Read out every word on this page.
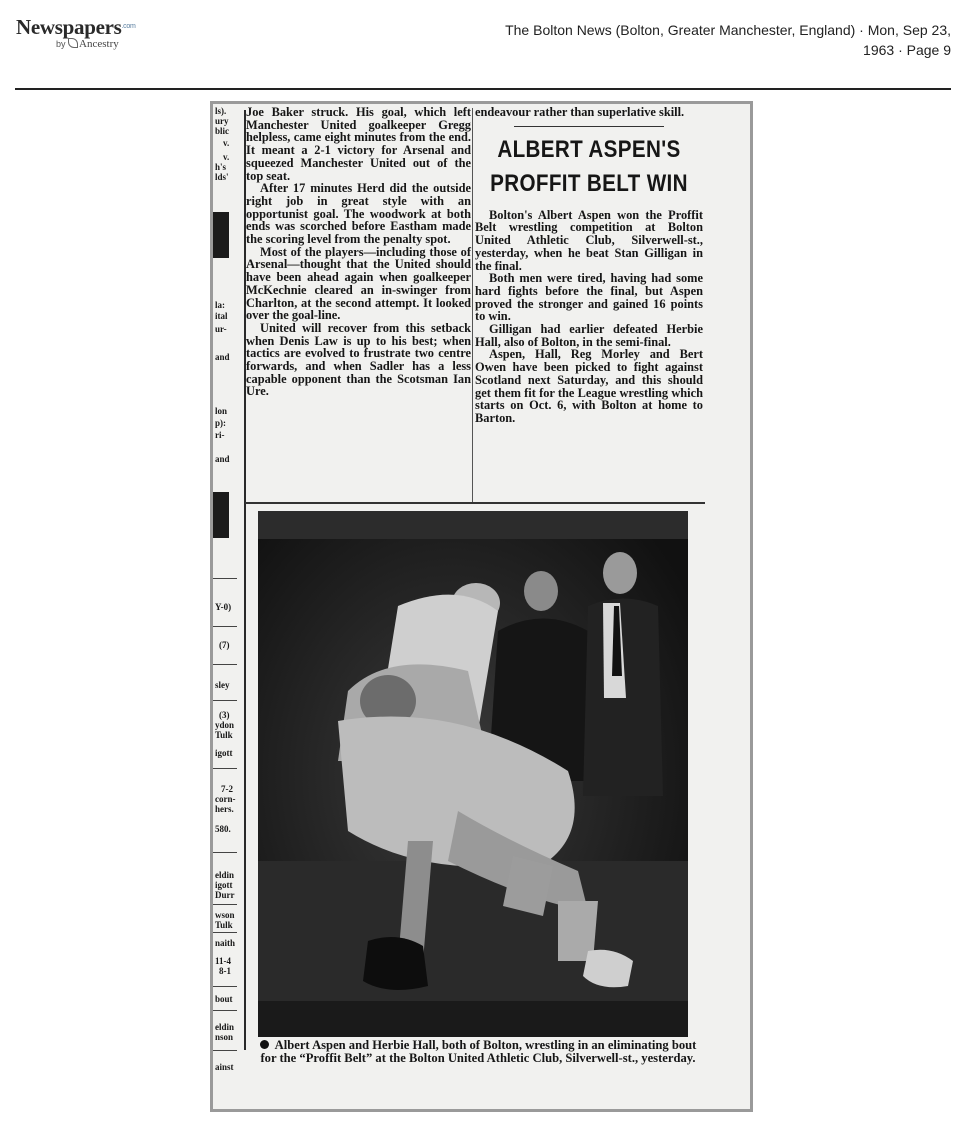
Newspapers$^{.com}$
by Ancestry
The Bolton News (Bolton, Greater Manchester, England) · Mon, Sep 23,
1963 · Page 9
ls).
ury
blic
v.
v.
h's
lds'
la:
ital
ur-
and
lon
p):
ri-
and
Y-0)
(7)
sley
(3)
ydon
Tulk
igott
7-2
corn-
hers.
580.
eldin
igott
Durr
wson
Tulk
naith
11-4
8-1
bout
eldin
nson
ainst

Joe Baker struck. His goal, which left Manchester United goalkeeper Gregg helpless, came eight minutes from the end. It meant a 2-1 victory for Arsenal and squeezed Manchester United out of the top seat.

After 17 minutes Herd did the outside right job in great style with an opportunist goal. The woodwork at both ends was scorched before Eastham made the scoring level from the penalty spot.

Most of the players—including those of Arsenal—thought that the United should have been ahead again when goalkeeper McKechnie cleared an in-swinger from Charlton, at the second attempt. It looked over the goal-line.

United will recover from this setback when Denis Law is up to his best; when tactics are evolved to frustrate two centre forwards, and when Sadler has a less capable opponent than the Scotsman Ian Ure.

endeavour rather than superlative skill.

ALBERT ASPEN'S
PROFFIT BELT WIN

Bolton's Albert Aspen won the Proffit Belt wrestling competition at Bolton United Athletic Club, Silverwell-st., yesterday, when he beat Stan Gilligan in the final.

Both men were tired, having had some hard fights before the final, but Aspen proved the stronger and gained 16 points to win.

Gilligan had earlier defeated Herbie Hall, also of Bolton, in the semi-final.

Aspen, Hall, Reg Morley and Bert Owen have been picked to fight against Scotland next Saturday, and this should get them fit for the League wrestling which starts on Oct. 6, with Bolton at home to Barton.

Albert Aspen and Herbie Hall, both of Bolton, wrestling in an eliminating bout for the “Proffit Belt” at the Bolton United Athletic Club, Silverwell-st., yesterday.
